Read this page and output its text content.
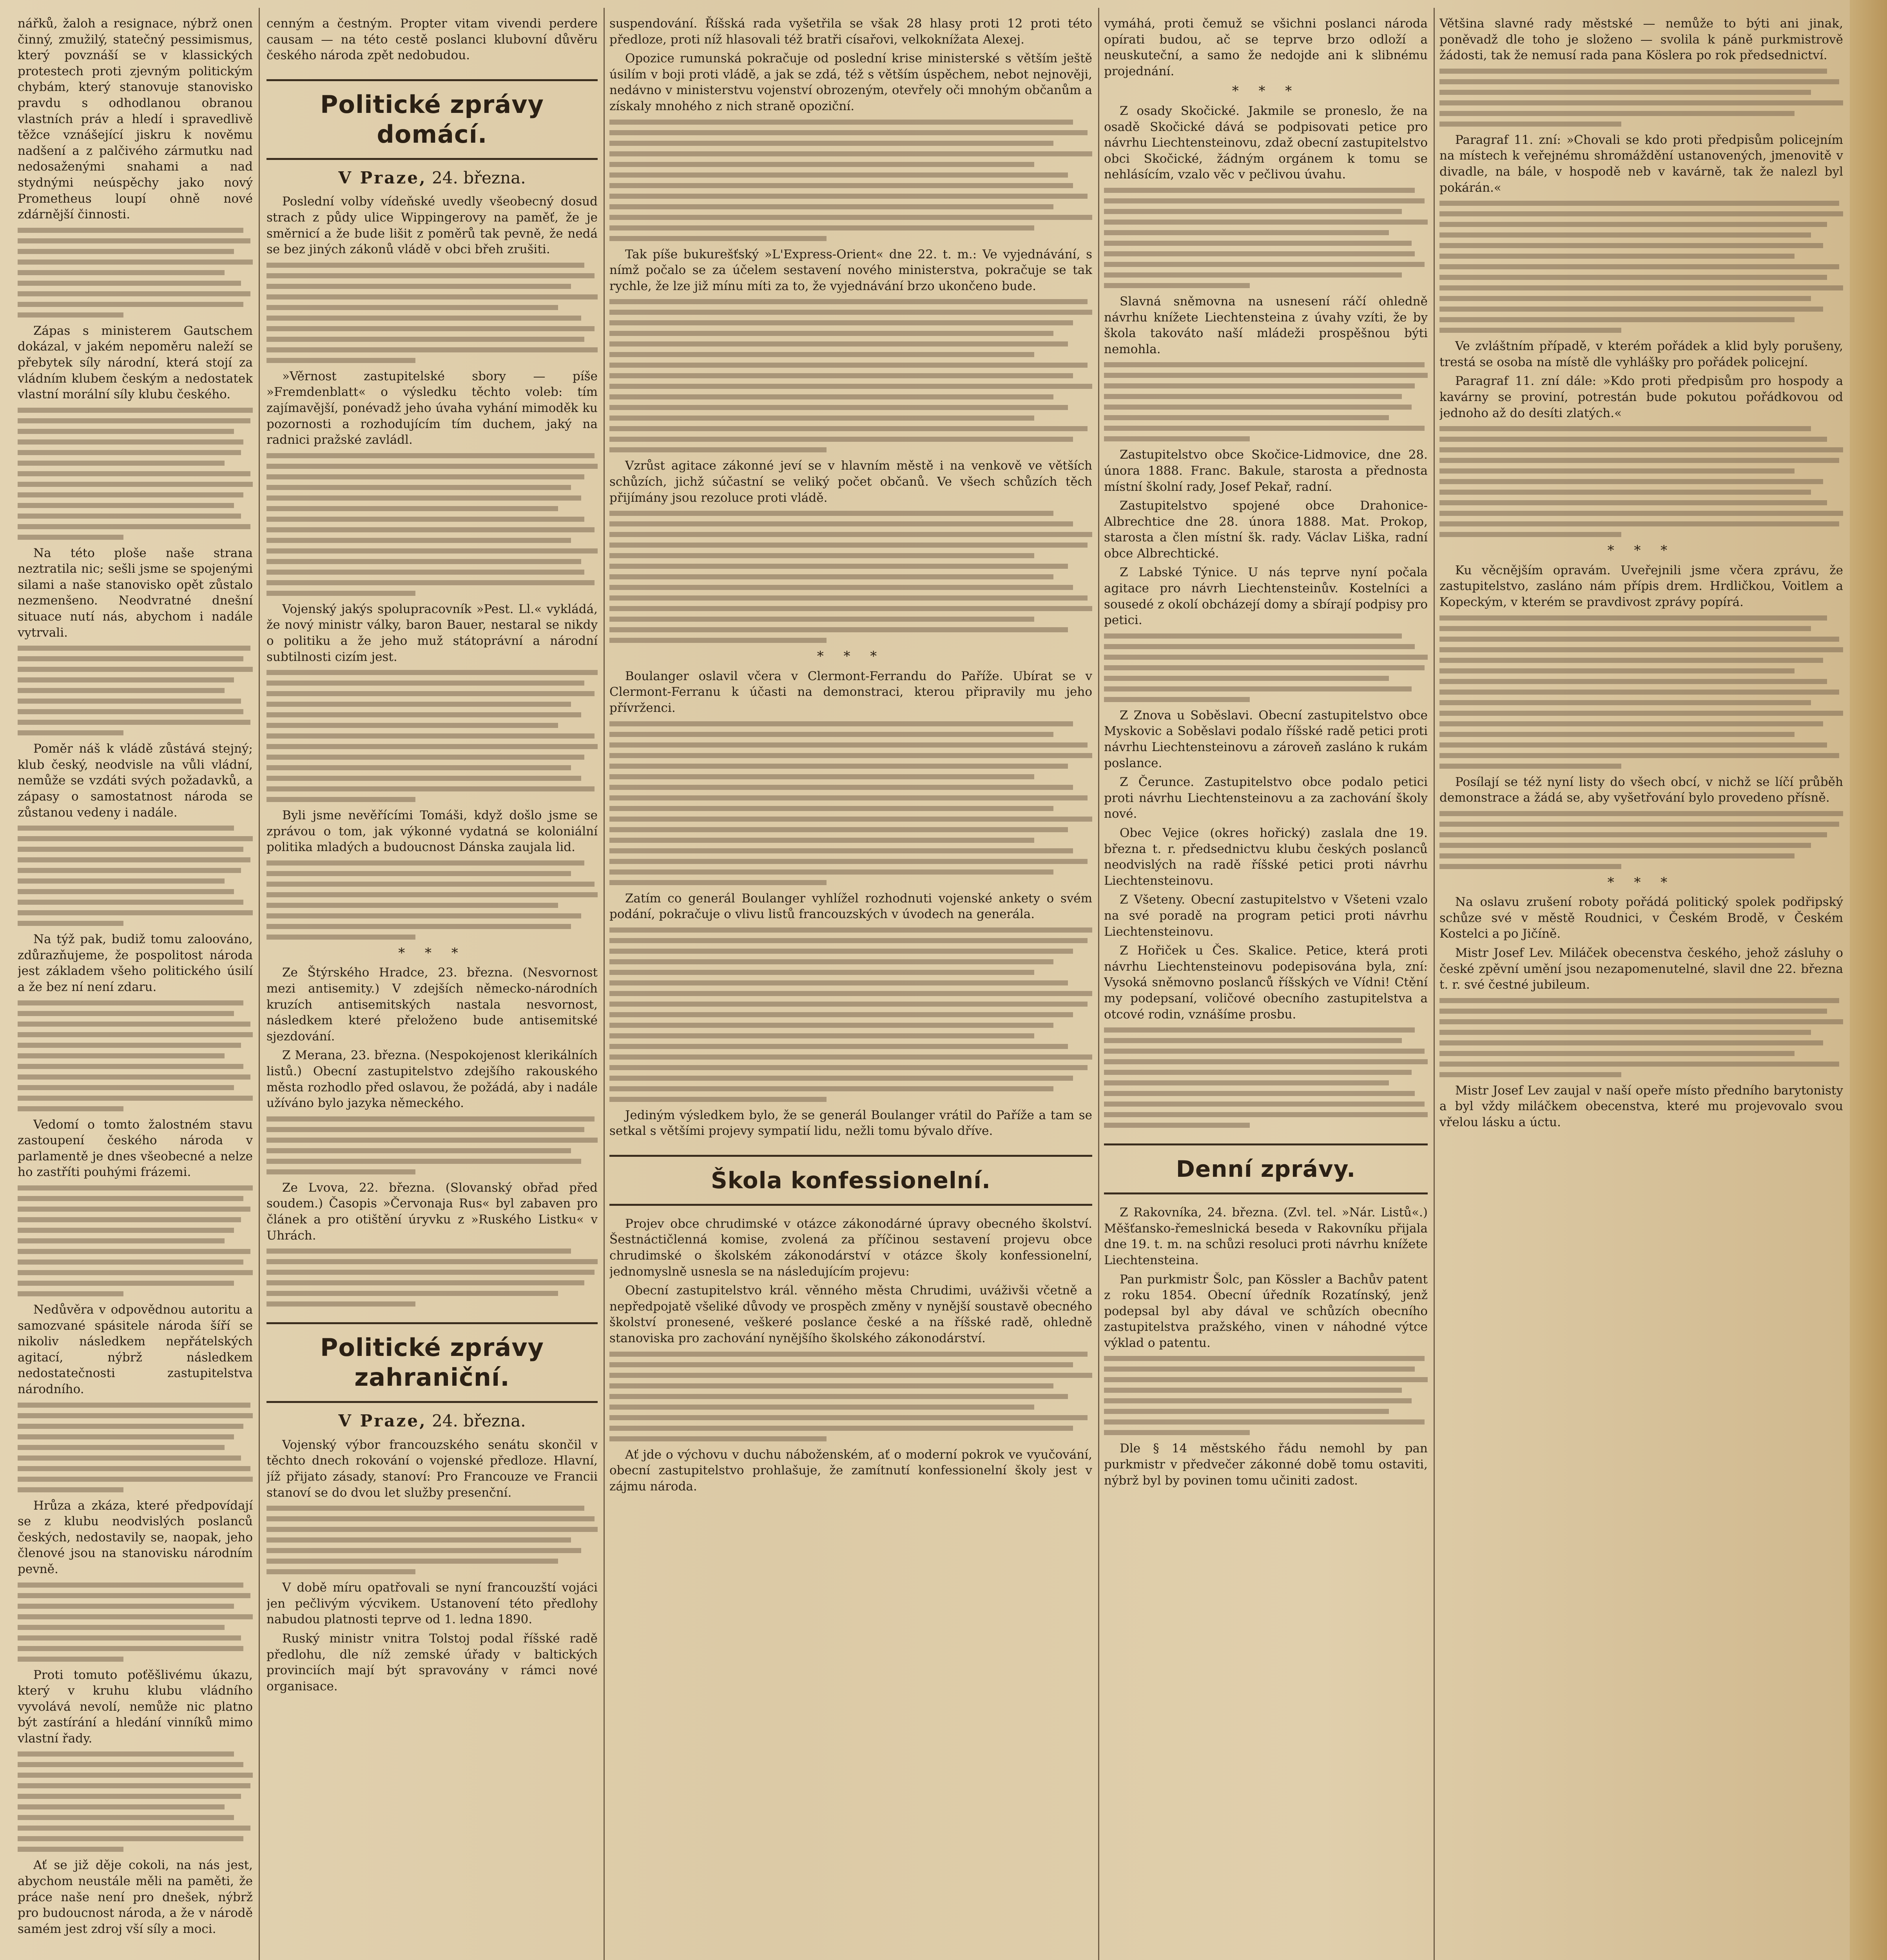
nářků, žaloh a resignace, nýbrž onen činný, zmužilý, statečný pessimismus, který povznáší se v klassických protestech proti zjevným politickým chybám, který stanovuje stanovisko pravdu s odhodlanou obranou vlastních práv a hledí i spravedlivě těžce vznášející jiskru k nověmu nadšení a z palčivého zármutku nad nedosaženými snahami a nad stydnými neúspěchy jako nový Prometheus loupí ohně nové zdárnější činnosti.

Zápas s ministerem Gautschem dokázal, v jakém nepoměru naleží se přebytek síly národní, která stojí za vládním klubem českým a nedostatek vlastní morální síly klubu českého.

Na této ploše naše strana neztratila nic; sešli jsme se spojenými silami a naše stanovisko opět zůstalo nezmenšeno. Neodvratné dnešní situace nutí nás, abychom i nadále vytrvali.

Poměr náš k vládě zůstává stejný; klub český, neodvisle na vůli vládní, nemůže se vzdáti svých požadavků, a zápasy o samostatnost národa se zůstanou vedeny i nadále.

Na týž pak, budiž tomu zaloováno, zdůrazňujeme, že pospolitost národa jest základem všeho politického úsilí a že bez ní není zdaru.

Vedomí o tomto žalostném stavu zastoupení českého národa v parlamentě je dnes všeobecné a nelze ho zastříti pouhými frázemi.

Nedůvěra v odpovědnou autoritu a samozvané spásitele národa šíří se nikoliv následkem nepřátelských agitací, nýbrž následkem nedostatečnosti zastupitelstva národního.

Hrůza a zkáza, které předpovídají se z klubu neodvislých poslanců českých, nedostavily se, naopak, jeho členové jsou na stanovisku národním pevně.

Proti tomuto poťěšlivému úkazu, který v kruhu klubu vládního vyvolává nevolí, nemůže nic platno být zastírání a hledání vinníků mimo vlastní řady.

Ať se již děje cokoli, na nás jest, abychom neustále měli na paměti, že práce naše není pro dnešek, nýbrž pro budoucnost národa, a že v národě samém jest zdroj vší síly a moci.

cenným a čestným. Propter vitam vivendi perdere causam — na této cestě poslanci klubovní důvěru českého národa zpět nedobudou.

Politické zprávy domácí.
V Praze, 24. března.

Poslední volby vídeňské uvedly všeobecný dosud strach z půdy ulice Wippingerovy na paměť, že je směrnicí a že bude lišit z poměrů tak pevně, že nedá se bez jiných zákonů vládě v obci břeh zrušiti.

»Věrnost zastupitelské sbory — píše »Fremdenblatt« o výsledku těchto voleb: tím zajímavější, ponévadž jeho úvaha vyhání mimoděk ku pozornosti a rozhodujícím tím duchem, jaký na radnici pražské zavládl.

Vojenský jakýs spolupracovník »Pest. Ll.« vykládá, že nový ministr války, baron Bauer, nestaral se nikdy o politiku a že jeho muž státoprávní a národní subtilnosti cizím jest.

Byli jsme nevěřícími Tomáši, když došlo jsme se zprávou o tom, jak výkonné vydatná se koloniální politika mladých a budoucnost Dánska zaujala lid.

* * *

Ze Štýrského Hradce, 23. března. (Nesvornost mezi antisemity.) V zdejších německo-národních kruzích antisemitských nastala nesvornost, následkem které přeloženo bude antisemitské sjezdování.

Z Merana, 23. března. (Nespokojenost klerikálních listů.) Obecní zastupitelstvo zdejšího rakouského města rozhodlo před oslavou, že požádá, aby i nadále užíváno bylo jazyka německého.

Ze Lvova, 22. března. (Slovanský obřad před soudem.) Časopis »Červonaja Rus« byl zabaven pro článek a pro otištění úryvku z »Ruského Listku« v Uhrách.

Politické zprávy zahraniční.
V Praze, 24. března.

Vojenský výbor francouzského senátu skončil v těchto dnech rokování o vojenské předloze. Hlavní, jíž přijato zásady, stanoví: Pro Francouze ve Francii stanoví se do dvou let služby presenční.

V době míru opatřovali se nyní francouzští vojáci jen pečlivým výcvikem. Ustanovení této předlohy nabudou platnosti teprve od 1. ledna 1890.

Ruský ministr vnitra Tolstoj podal říšské radě předlohu, dle níž zemské úřady v baltických provinciích mají být spravovány v rámci nové organisace.

suspendování. Říšská rada vyšetřila se však 28 hlasy proti 12 proti této předloze, proti níž hlasovali též bratři císařovi, velkoknížata Alexej.

Opozice rumunská pokračuje od poslední krise ministerské s větším ještě úsilím v boji proti vládě, a jak se zdá, též s větším úspěchem, nebot nejnověji, nedávno v ministerstvu vojenství obrozeným, otevřely oči mnohým občanům a získaly mnohého z nich straně opoziční.

Tak píše bukurešťský »L'Express-Orient« dne 22. t. m.: Ve vyjednávání, s nímž počalo se za účelem sestavení nového ministerstva, pokračuje se tak rychle, že lze již mínu míti za to, že vyjednávání brzo ukončeno bude.

Vzrůst agitace zákonné jeví se v hlavním městě i na venkově ve větších schůzích, jichž súčastní se veliký počet občanů. Ve všech schůzích těch přijímány jsou rezoluce proti vládě.

* * *

Boulanger oslavil včera v Clermont-Ferrandu do Paříže. Ubírat se v Clermont-Ferranu k účasti na demonstraci, kterou připravily mu jeho přívrženci.

Zatím co generál Boulanger vyhlížel rozhodnuti vojenské ankety o svém podání, pokračuje o vlivu listů francouzských v úvodech na generála.

Jediným výsledkem bylo, že se generál Boulanger vrátil do Paříže a tam se setkal s většími projevy sympatií lidu, nežli tomu bývalo dříve.

Škola konfessionelní.

Projev obce chrudimské v otázce zákonodárné úpravy obecného školství. Šestnáctičlenná komise, zvolená za příčinou sestavení projevu obce chrudimské o školském zákonodárství v otázce školy konfessionelní, jednomyslně usnesla se na následujícím projevu:

Obecní zastupitelstvo král. věnného města Chrudimi, uváživši včetně a nepředpojatě všeliké důvody ve prospěch změny v nynější soustavě obecného školství pronesené, veškeré poslance české a na říšské radě, ohledně stanoviska pro zachování nynějšího školského zákonodárství.

Ať jde o výchovu v duchu náboženském, ať o moderní pokrok ve vyučování, obecní zastupitelstvo prohlašuje, že zamítnutí konfessionelní školy jest v zájmu národa.

vymáhá, proti čemuž se všichni poslanci národa opírati budou, ač se teprve brzo odloží a neuskuteční, a samo že nedojde ani k slibnému projednání.

* * *

Z osady Skočické. Jakmile se proneslo, že na osadě Skočické dává se podpisovati petice pro návrhu Liechtensteinovu, zdaž obecní zastupitelstvo obci Skočické, žádným orgánem k tomu se nehlásícím, vzalo věc v pečlivou úvahu.

Slavná sněmovna na usnesení ráčí ohledně návrhu knížete Liechtensteina z úvahy vzíti, že by škola takováto naší mládeži prospěšnou býti nemohla.

Zastupitelstvo obce Skočice-Lidmovice, dne 28. února 1888. Franc. Bakule, starosta a přednosta místní školní rady, Josef Pekař, radní.

Zastupitelstvo spojené obce Drahonice-Albrechtice dne 28. února 1888. Mat. Prokop, starosta a člen místní šk. rady. Václav Liška, radní obce Albrechtické.

Z Labské Týnice. U nás teprve nyní počala agitace pro návrh Liechtensteinův. Kostelníci a sousedé z okolí obcházejí domy a sbírají podpisy pro petici.

Z Znova u Soběslavi. Obecní zastupitelstvo obce Myskovic a Soběslavi podalo říšské radě petici proti návrhu Liechtensteinovu a zároveň zasláno k rukám poslance.

Z Čerunce. Zastupitelstvo obce podalo petici proti návrhu Liechtensteinovu a za zachování školy nové.

Obec Vejice (okres hořický) zaslala dne 19. března t. r. předsednictvu klubu českých poslanců neodvislých na radě říšské petici proti návrhu Liechtensteinovu.

Z Všeteny. Obecní zastupitelstvo v Všeteni vzalo na své poradě na program petici proti návrhu Liechtensteinovu.

Z Hořiček u Čes. Skalice. Petice, která proti návrhu Liechtensteinovu podepisována byla, zní: Vysoká sněmovno poslanců říšských ve Vídni! Ctění my podepsaní, voličové obecního zastupitelstva a otcové rodin, vznášíme prosbu.

Denní zprávy.

Z Rakovníka, 24. března. (Zvl. tel. »Nár. Listů«.) Měšťansko-řemeslnická beseda v Rakovníku přijala dne 19. t. m. na schůzi resoluci proti návrhu knížete Liechtensteina.

Pan purkmistr Šolc, pan Kössler a Bachův patent z roku 1854. Obecní úředník Rozatínský, jenž podepsal byl aby dával ve schůzích obecního zastupitelstva pražského, vinen v náhodné výtce výklad o patentu.

Dle § 14 městského řádu nemohl by pan purkmistr v předvečer zákonné době tomu ostaviti, nýbrž byl by povinen tomu učiniti zadost.

Většina slavné rady městské — nemůže to býti ani jinak, poněvadž dle toho je složeno — svolila k páně purkmistrově žádosti, tak že nemusí rada pana Köslera po rok předsednictví.

Paragraf 11. zní: »Chovali se kdo proti předpisům policejním na místech k veřejnému shromáždění ustanovených, jmenovitě v divadle, na bále, v hospodě neb v kavárně, tak že nalezl byl pokárán.«

Ve zvláštním případě, v kterém pořádek a klid byly porušeny, trestá se osoba na místě dle vyhlášky pro pořádek policejní.

Paragraf 11. zní dále: »Kdo proti předpisům pro hospody a kavárny se proviní, potrestán bude pokutou pořádkovou od jednoho až do desíti zlatých.«

* * *

Ku věcnějším opravám. Uveřejnili jsme včera zprávu, že zastupitelstvo, zasláno nám přípis drem. Hrdličkou, Voitlem a Kopeckým, v kterém se pravdivost zprávy popírá.

Posílají se též nyní listy do všech obcí, v nichž se líčí průběh demonstrace a žádá se, aby vyšetřování bylo provedeno přísně.

* * *

Na oslavu zrušení roboty pořádá politický spolek podřipský schůze své v městě Roudnici, v Českém Brodě, v Českém Kostelci a po Jičíně.

Mistr Josef Lev. Miláček obecenstva českého, jehož zásluhy o české zpěvní umění jsou nezapomenutelné, slavil dne 22. března t. r. své čestné jubileum.

Mistr Josef Lev zaujal v naší opeře místo předního barytonisty a byl vždy miláčkem obecenstva, které mu projevovalo svou vřelou lásku a úctu.
